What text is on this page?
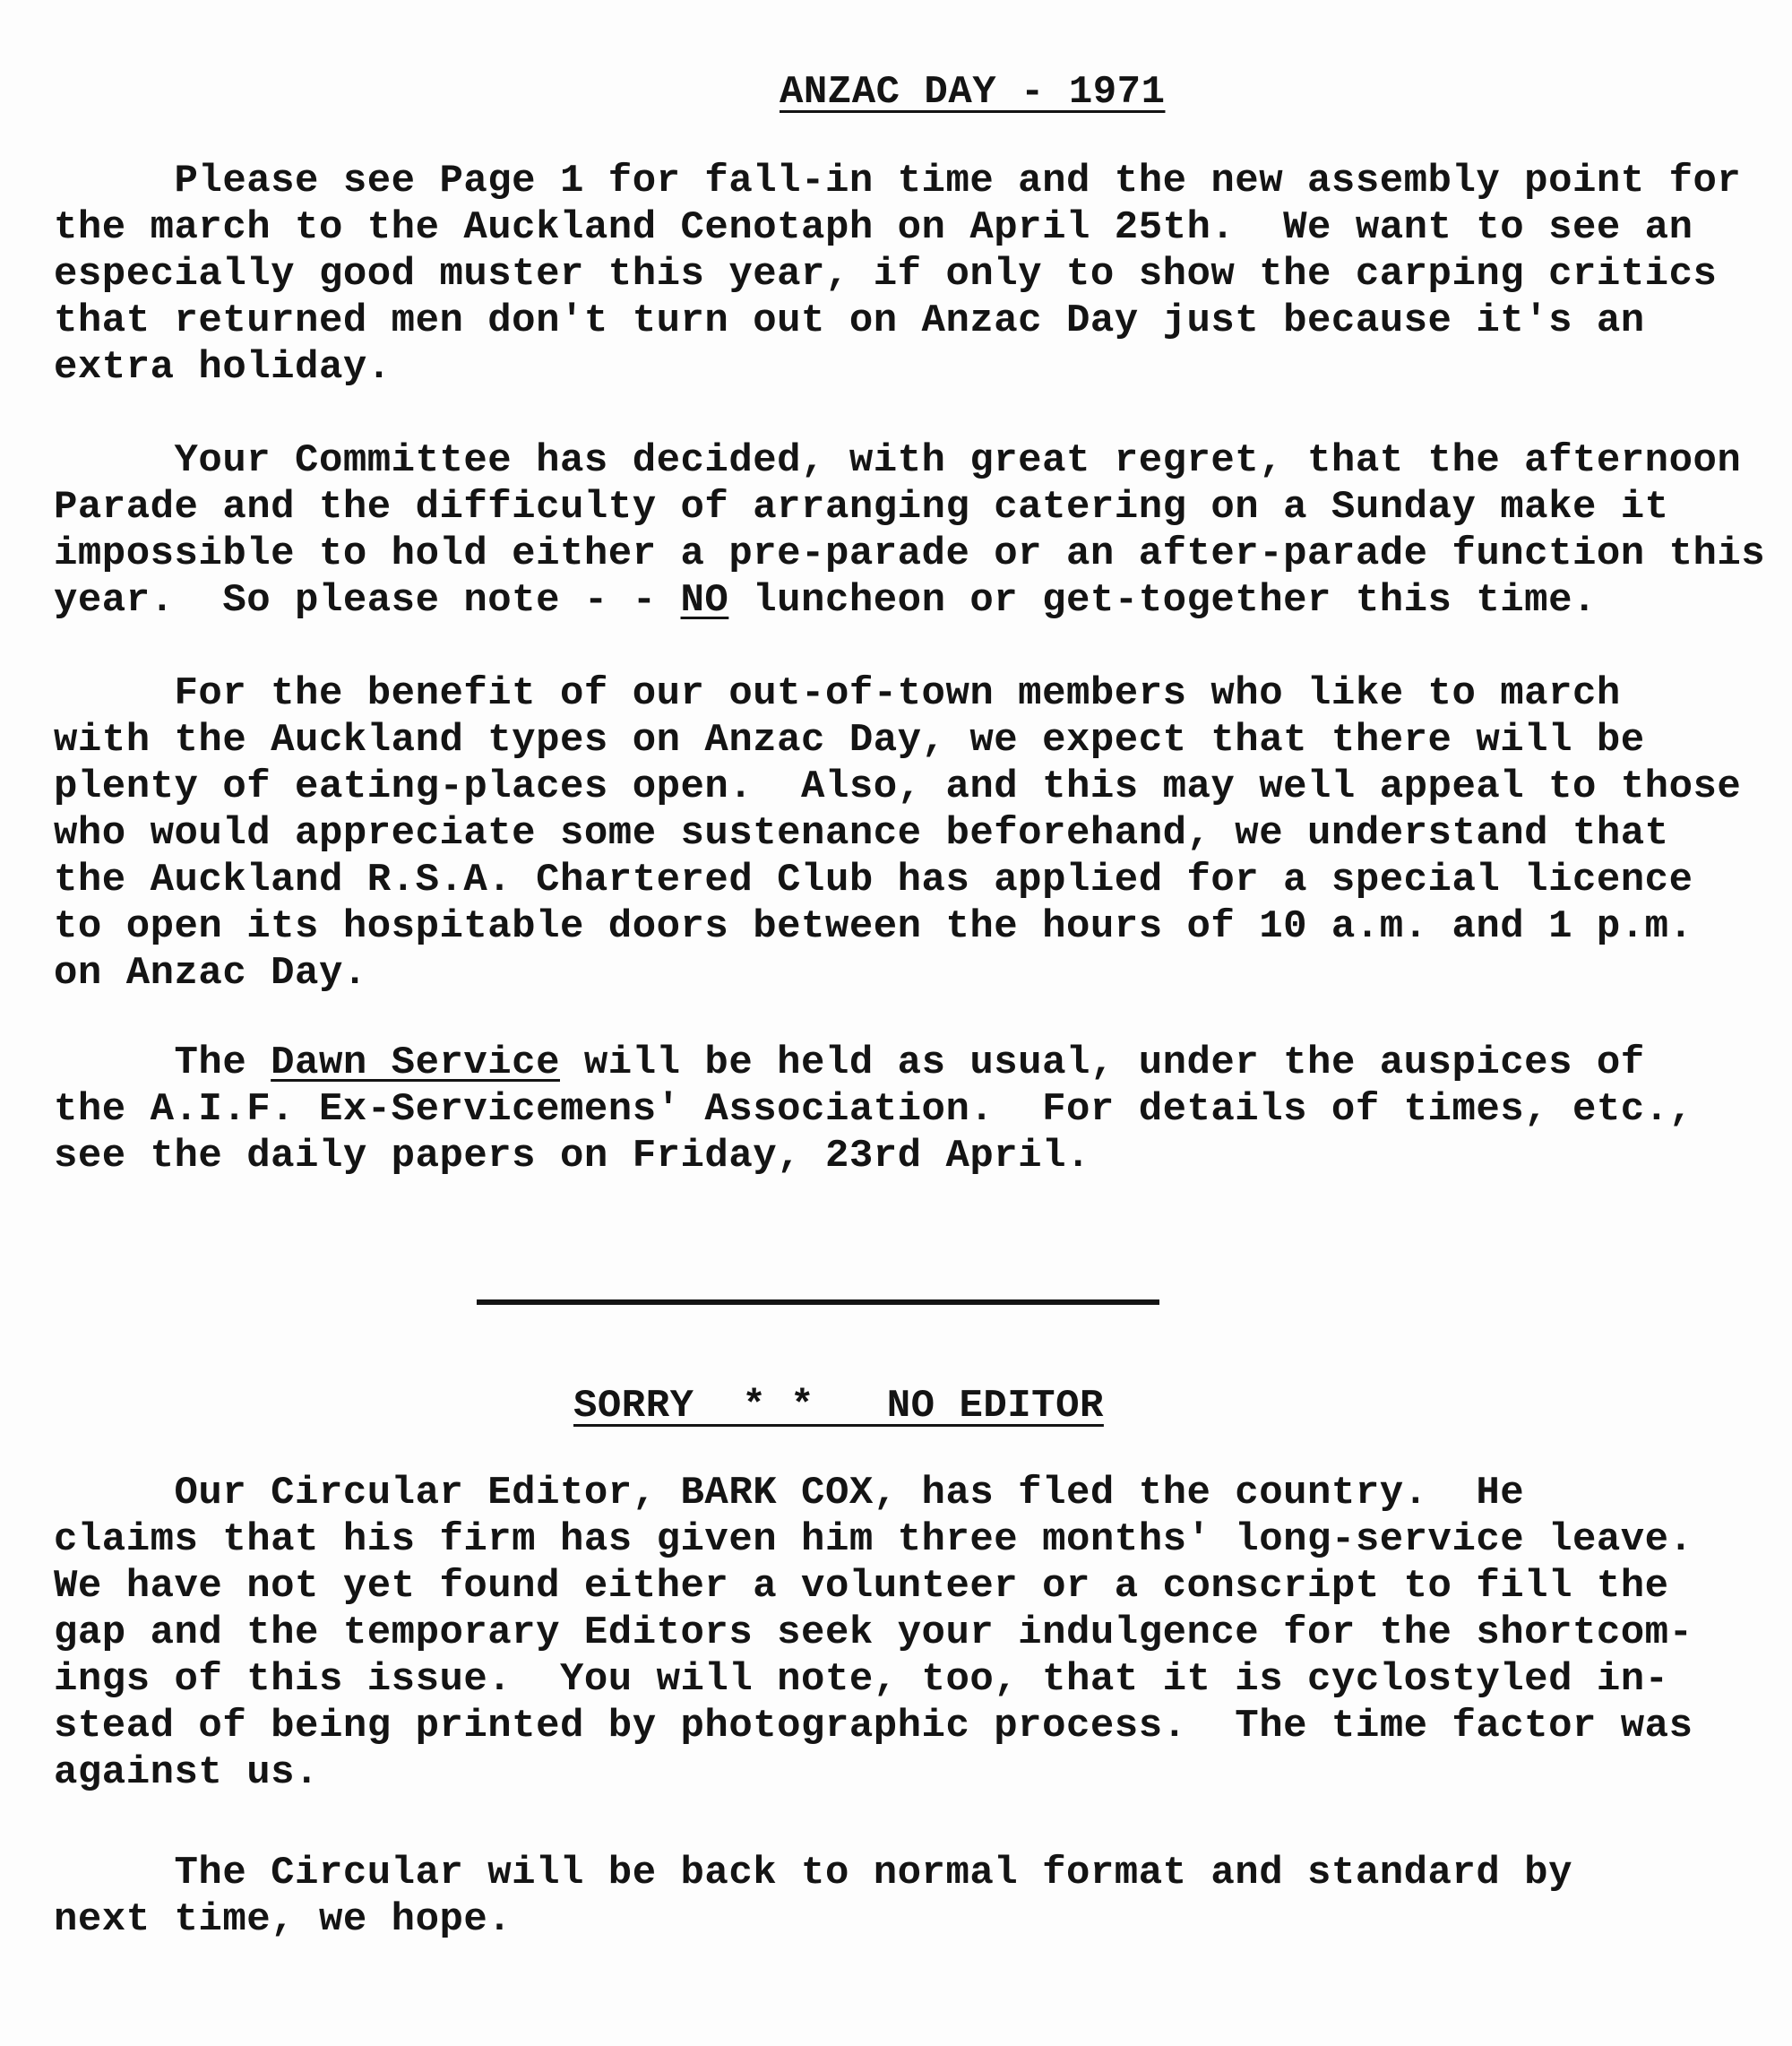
ANZAC DAY - 1971
Please see Page 1 for fall-in time and the new assembly point for
the march to the Auckland Cenotaph on April 25th.  We want to see an
especially good muster this year, if only to show the carping critics
that returned men don't turn out on Anzac Day just because it's an
extra holiday.
Your Committee has decided, with great regret, that the afternoon
Parade and the difficulty of arranging catering on a Sunday make it
impossible to hold either a pre-parade or an after-parade function this
year.  So please note - - NO luncheon or get-together this time.
For the benefit of our out-of-town members who like to march
with the Auckland types on Anzac Day, we expect that there will be
plenty of eating-places open.  Also, and this may well appeal to those
who would appreciate some sustenance beforehand, we understand that
the Auckland R.S.A. Chartered Club has applied for a special licence
to open its hospitable doors between the hours of 10 a.m. and 1 p.m.
on Anzac Day.
The Dawn Service will be held as usual, under the auspices of
the A.I.F. Ex-Servicemens' Association.  For details of times, etc.,
see the daily papers on Friday, 23rd April.
SORRY  * *   NO EDITOR
Our Circular Editor, BARK COX, has fled the country.  He
claims that his firm has given him three months' long-service leave.
We have not yet found either a volunteer or a conscript to fill the
gap and the temporary Editors seek your indulgence for the shortcom-
ings of this issue.  You will note, too, that it is cyclostyled in-
stead of being printed by photographic process.  The time factor was
against us.
The Circular will be back to normal format and standard by
next time, we hope.
